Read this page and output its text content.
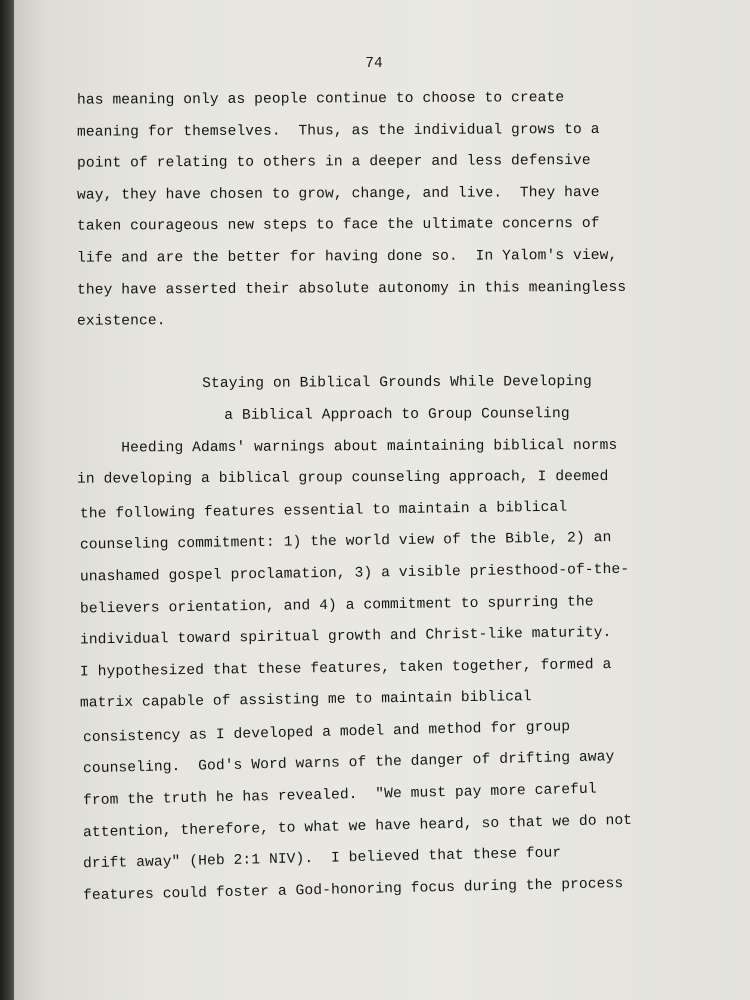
74
has meaning only as people continue to choose to create
meaning for themselves.  Thus, as the individual grows to a
point of relating to others in a deeper and less defensive
way, they have chosen to grow, change, and live.  They have
taken courageous new steps to face the ultimate concerns of
life and are the better for having done so.  In Yalom's view,
they have asserted their absolute autonomy in this meaningless
existence.
Staying on Biblical Grounds While Developing
a Biblical Approach to Group Counseling
Heeding Adams' warnings about maintaining biblical norms
in developing a biblical group counseling approach, I deemed
the following features essential to maintain a biblical
counseling commitment: 1) the world view of the Bible, 2) an
unashamed gospel proclamation, 3) a visible priesthood-of-the-
believers orientation, and 4) a commitment to spurring the
individual toward spiritual growth and Christ-like maturity.
I hypothesized that these features, taken together, formed a
matrix capable of assisting me to maintain biblical
consistency as I developed a model and method for group
counseling.  God's Word warns of the danger of drifting away
from the truth he has revealed.  "We must pay more careful
attention, therefore, to what we have heard, so that we do not
drift away" (Heb 2:1 NIV).  I believed that these four
features could foster a God-honoring focus during the process
